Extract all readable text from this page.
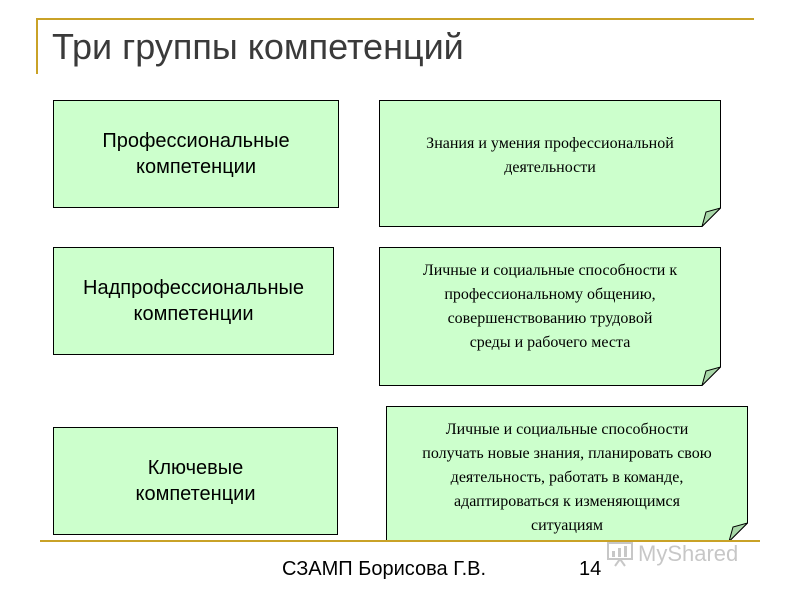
Три группы компетенций
Профессиональные
компетенции
Надпрофессиональные
компетенции
Ключевые
компетенции
Знания и умения профессиональной
деятельности
Личные и социальные способности к
профессиональному общению,
совершенствованию трудовой
среды и рабочего места
Личные и социальные способности
получать новые знания, планировать свою
деятельность, работать в команде,
адаптироваться к изменяющимся
ситуациям
СЗАМП Борисова Г.В.	14
MyShared
